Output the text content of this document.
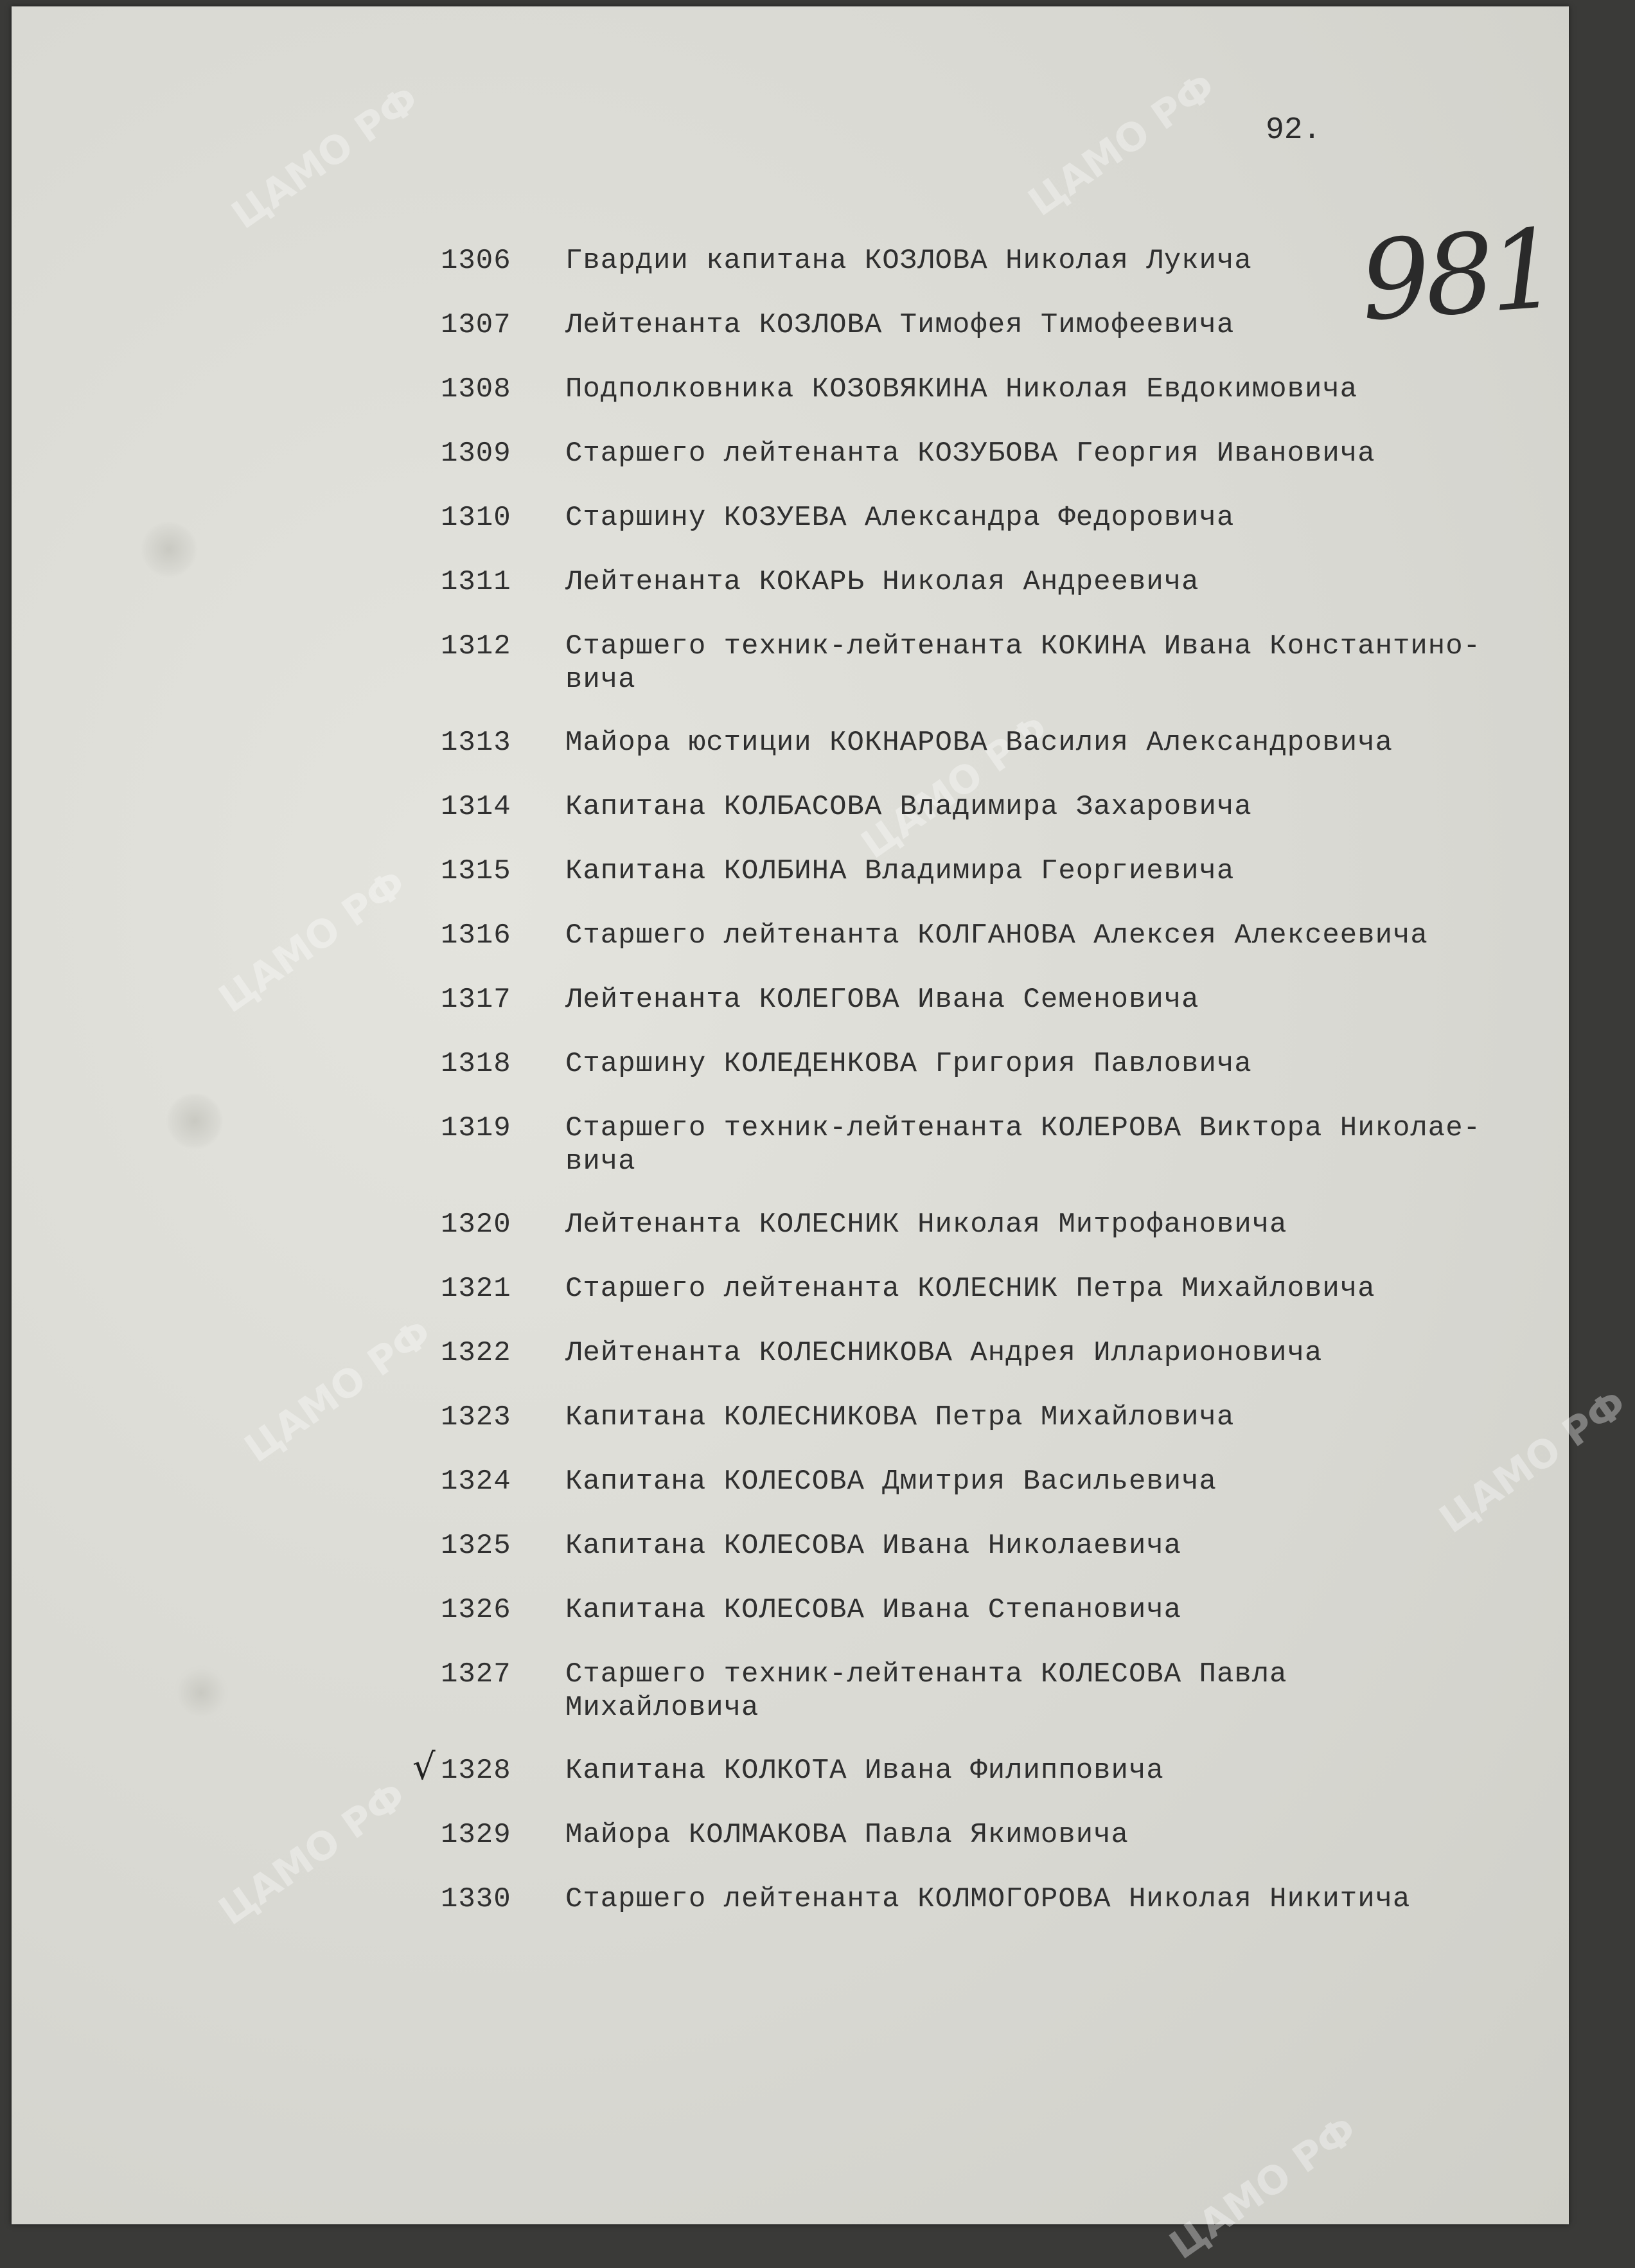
ЦАМО РФ	ЦАМО РФ
ЦАМО РФ
ЦАМО РФ
ЦАМО РФ	ЦАМО РФ
ЦАМО РФ
ЦАМО РФ
92.
981
√
1306 Гвардии капитана КОЗЛОВА Николая Лукича
1307 Лейтенанта КОЗЛОВА Тимофея Тимофеевича
1308 Подполковника КОЗОВЯКИНА Николая Евдокимовича
1309 Старшего лейтенанта КОЗУБОВА Георгия Ивановича
1310 Старшину КОЗУЕВА Александра Федоровича
1311 Лейтенанта КОКАРЬ Николая Андреевича
1312 Старшего техник-лейтенанта КОКИНА Ивана Константино-
вича
1313 Майора юстиции КОКНАРОВА Василия Александровича
1314 Капитана КОЛБАСОВА Владимира Захаровича
1315 Капитана КОЛБИНА Владимира Георгиевича
1316 Старшего лейтенанта КОЛГАНОВА Алексея Алексеевича
1317 Лейтенанта КОЛЕГОВА Ивана Семеновича
1318 Старшину КОЛЕДЕНКОВА Григория Павловича
1319 Старшего техник-лейтенанта КОЛЕРОВА Виктора Николае-
вича
1320 Лейтенанта КОЛЕСНИК Николая Митрофановича
1321 Старшего лейтенанта КОЛЕСНИК Петра Михайловича
1322 Лейтенанта КОЛЕСНИКОВА Андрея Илларионовича
1323 Капитана КОЛЕСНИКОВА Петра Михайловича
1324 Капитана КОЛЕСОВА Дмитрия Васильевича
1325 Капитана КОЛЕСОВА Ивана Николаевича
1326 Капитана КОЛЕСОВА Ивана Степановича
1327 Старшего техник-лейтенанта КОЛЕСОВА Павла
Михайловича
1328 Капитана КОЛКОТА Ивана Филипповича
1329 Майора КОЛМАКОВА Павла Якимовича
1330 Старшего лейтенанта КОЛМОГОРОВА Николая Никитича
